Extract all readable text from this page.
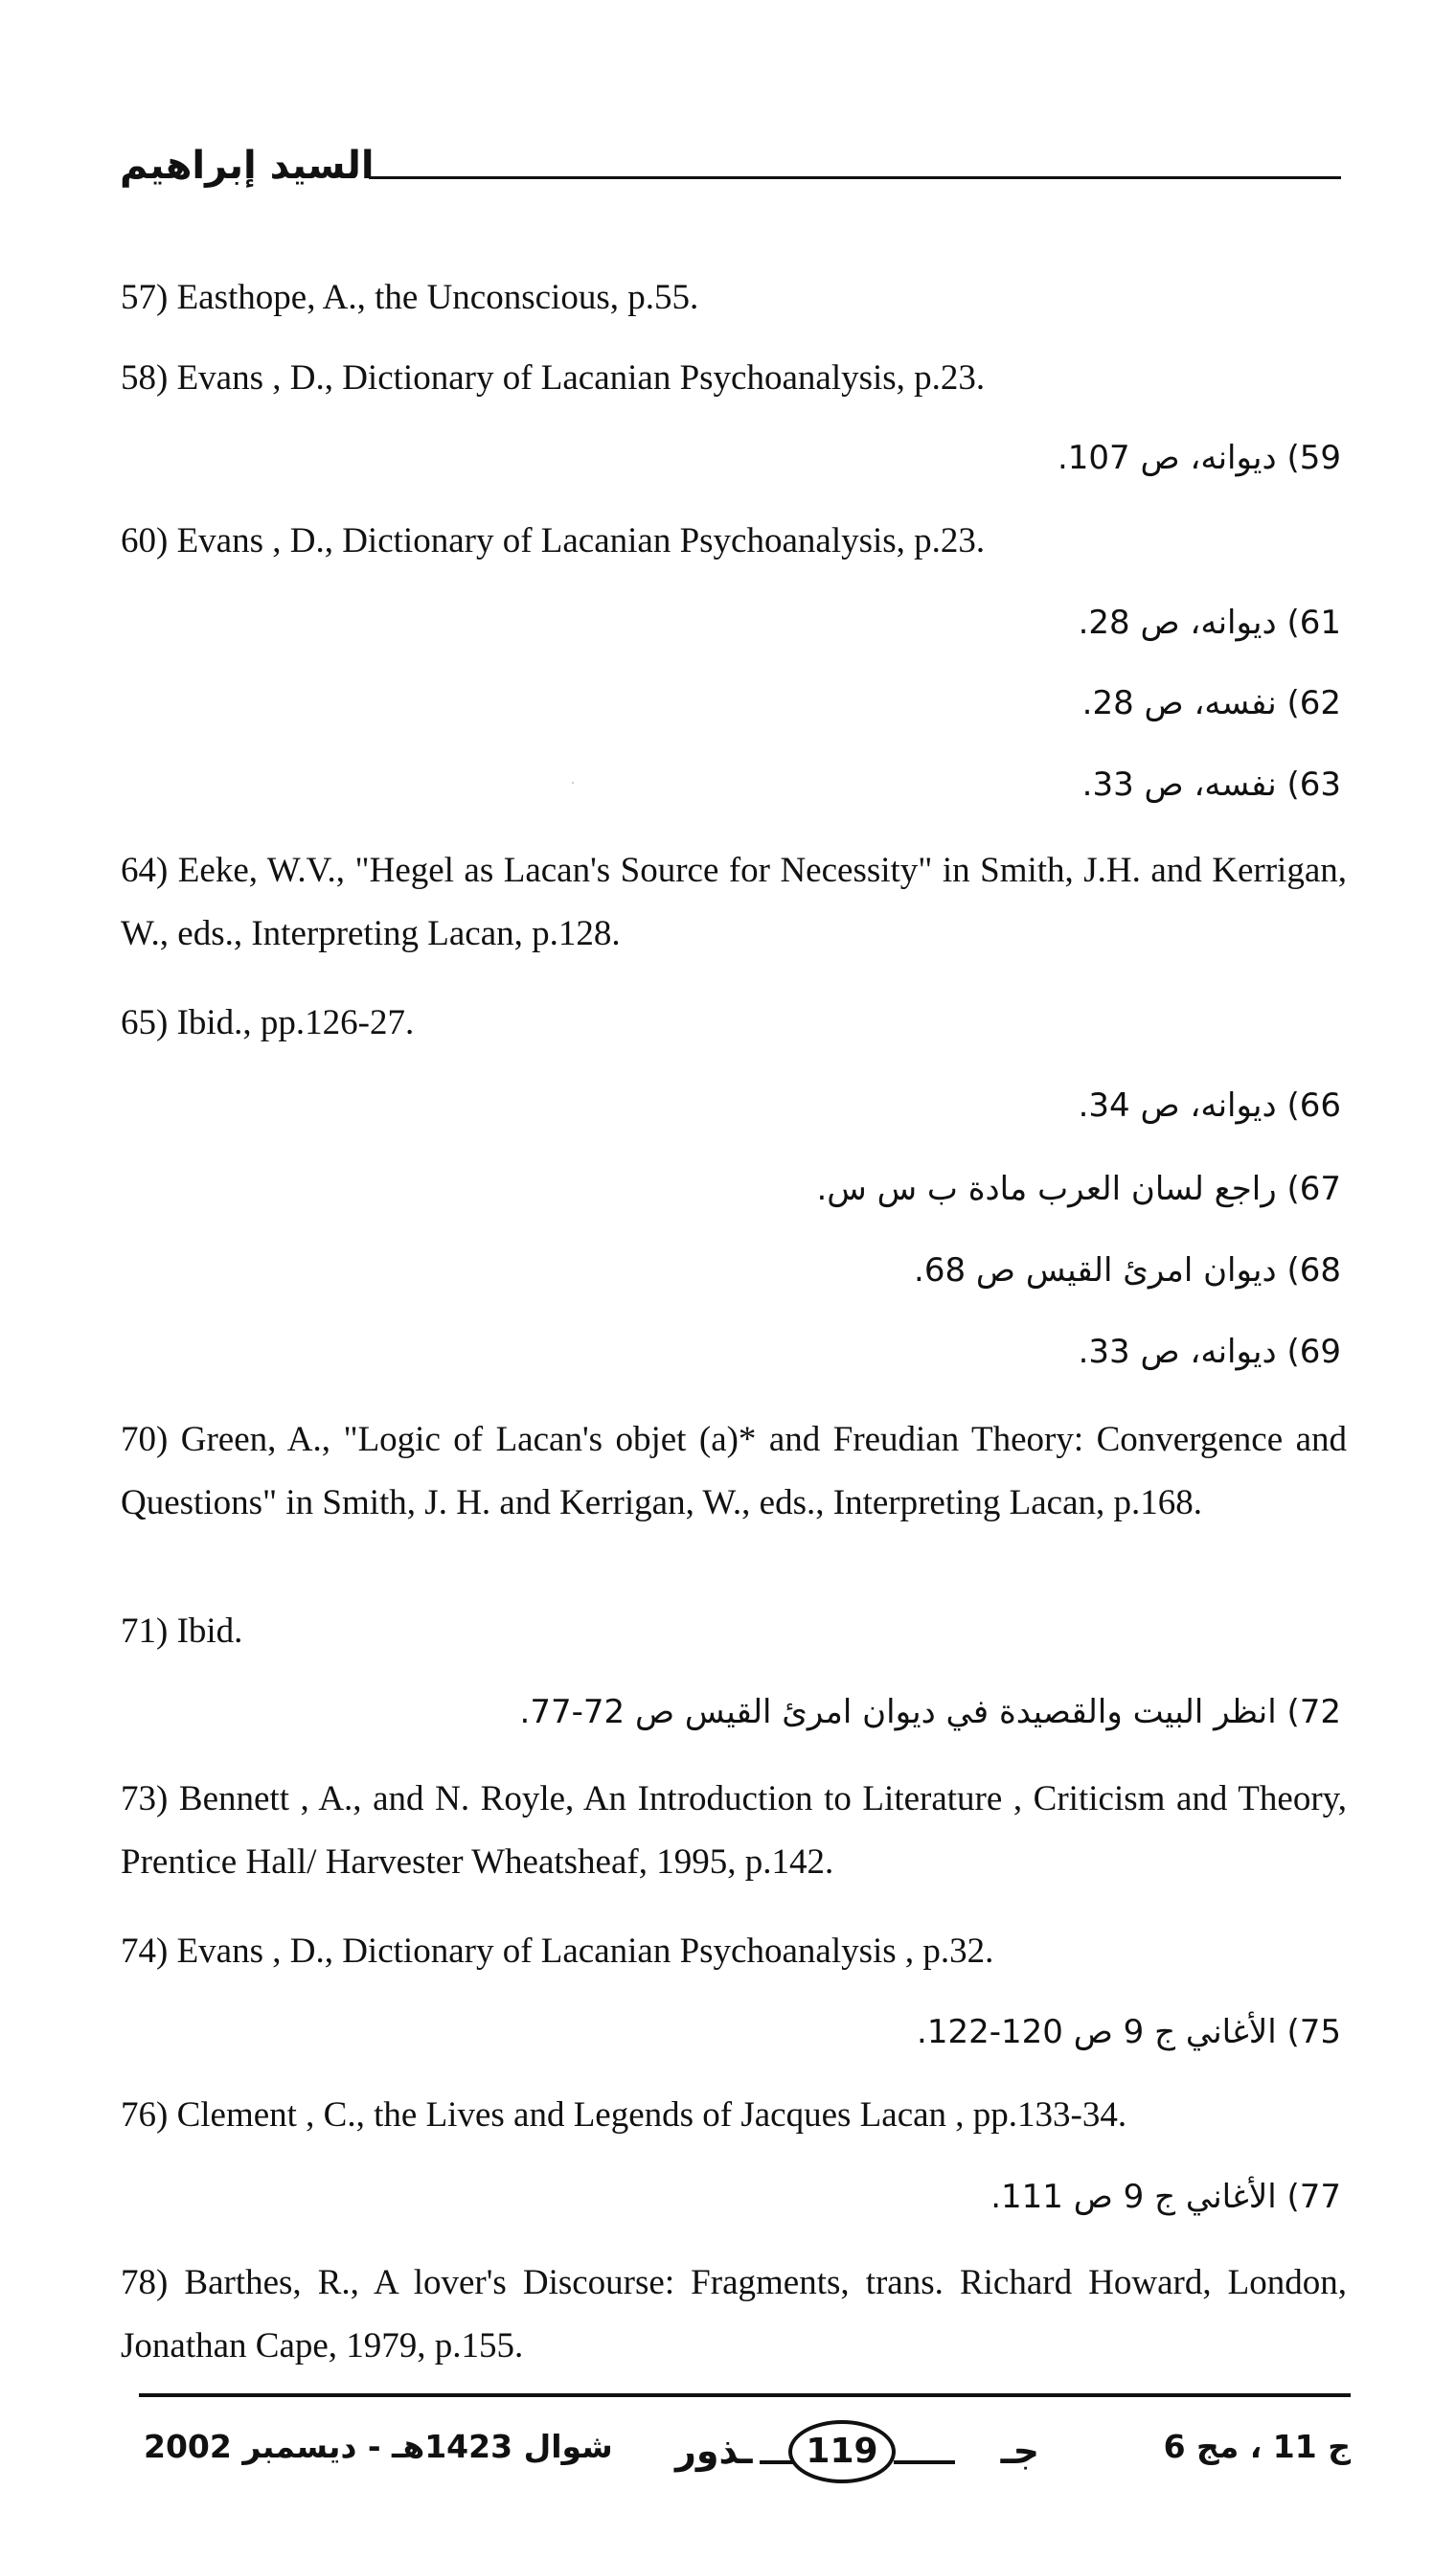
السيد إبراهيم
57) Easthope, A., the Unconscious, p.55.
58) Evans , D., Dictionary of Lacanian Psychoanalysis, p.23.
59) ديوانه، ص 107.
60) Evans , D., Dictionary of Lacanian Psychoanalysis, p.23.
61) ديوانه، ص 28.
62) نفسه، ص 28.
63) نفسه، ص 33.
64) Eeke, W.V., "Hegel as Lacan's Source for Necessity" in Smith, J.H. and Kerrigan, W., eds., Interpreting Lacan, p.128.
65) Ibid., pp.126-27.
66) ديوانه، ص 34.
67) راجع لسان العرب مادة ب س س.
68) ديوان امرئ القيس ص 68.
69) ديوانه، ص 33.
70) Green, A., "Logic of Lacan's objet (a)* and Freudian Theory: Convergence and Questions" in Smith, J. H. and Kerrigan, W., eds., Interpreting Lacan, p.168.
71) Ibid.
72) انظر البيت والقصيدة في ديوان امرئ القيس ص 72-77.
73) Bennett , A., and N. Royle, An Introduction to Literature , Criticism and Theory, Prentice Hall/ Harvester Wheatsheaf, 1995, p.142.
74) Evans , D., Dictionary of Lacanian Psychoanalysis , p.32.
75) الأغاني ج 9 ص 120-122.
76) Clement , C., the Lives and Legends of Jacques Lacan , pp.133-34.
77) الأغاني ج 9 ص 111.
78) Barthes, R., A lover's Discourse: Fragments, trans. Richard Howard, London, Jonathan Cape, 1979, p.155.
شوال 1423هـ - ديسمبر 2002 ـذور	119	جـ	ج 11 ، مج 6
